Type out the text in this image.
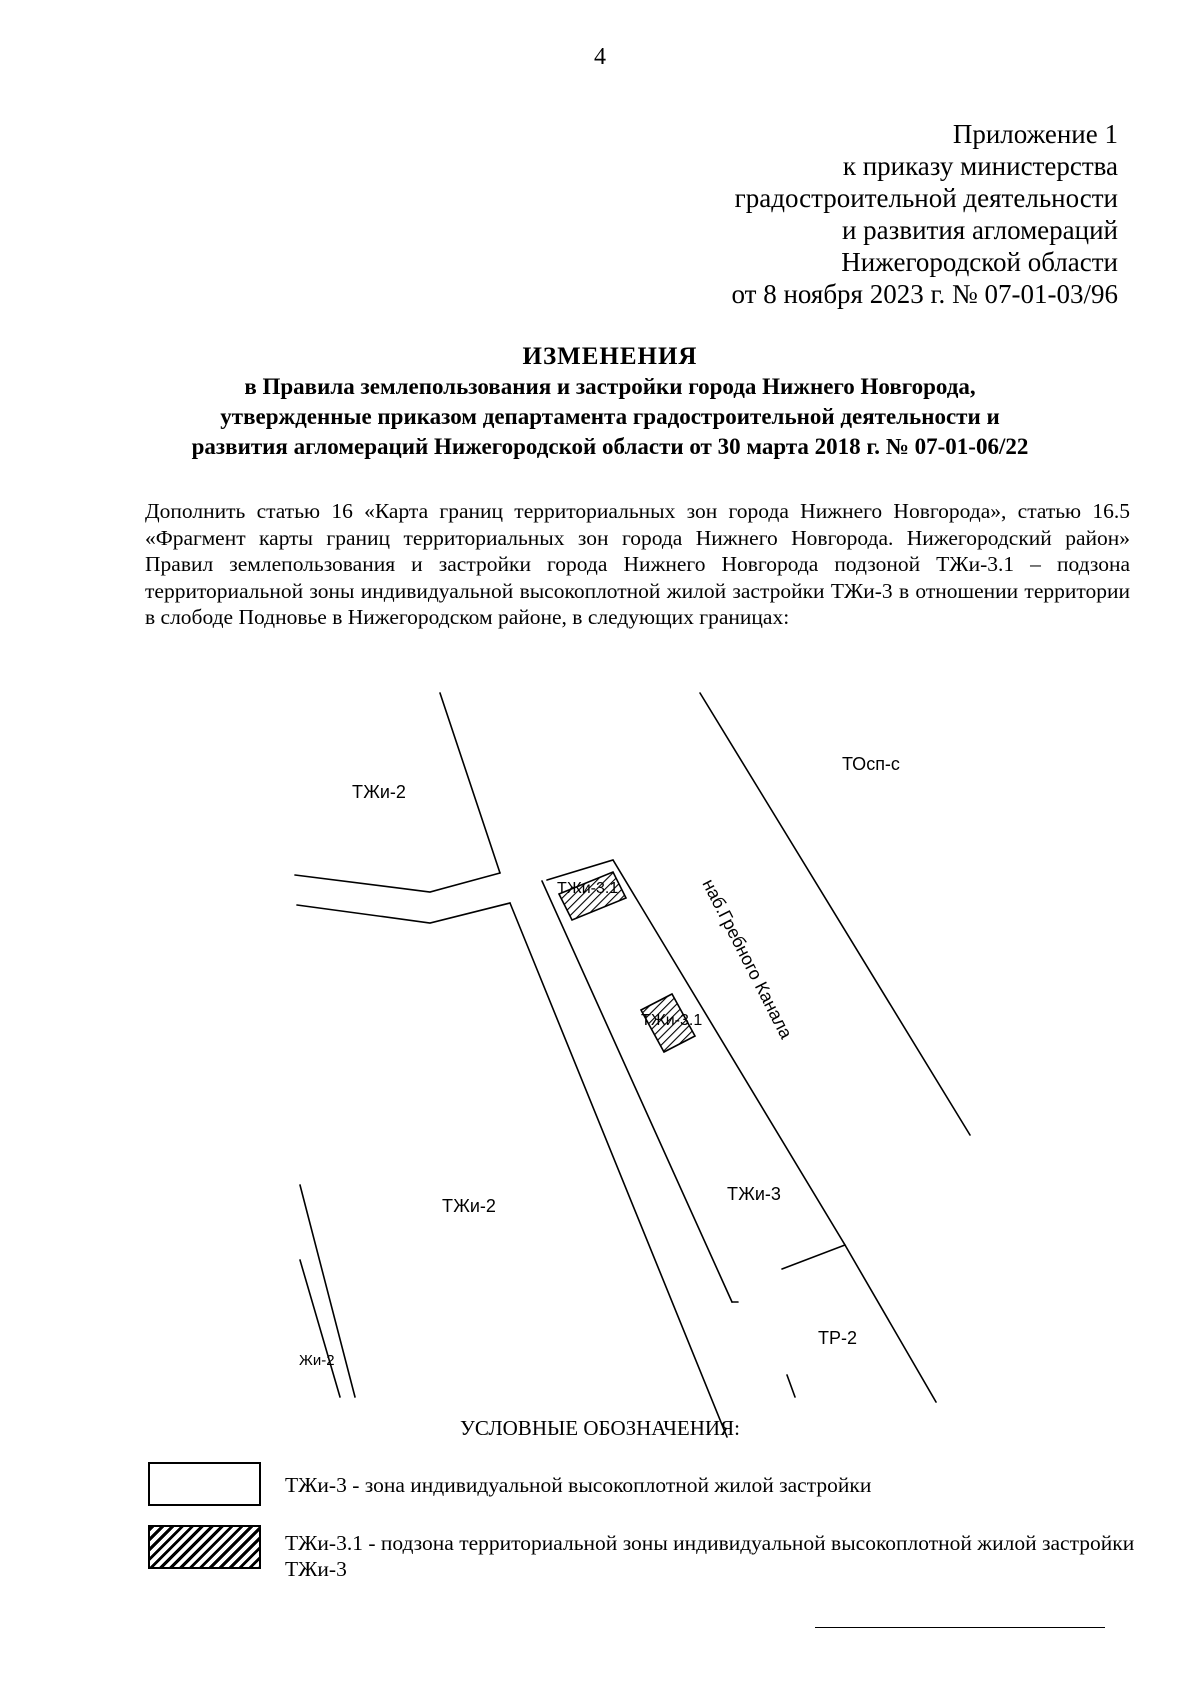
4
Приложение 1
к приказу министерства
градостроительной деятельности
и развития агломераций
Нижегородской области
от 8 ноября 2023 г. № 07-01-03/96
ИЗМЕНЕНИЯ
в Правила землепользования и застройки города Нижнего Новгорода,
утвержденные приказом департамента градостроительной деятельности и
развития агломераций Нижегородской области от 30 марта 2018 г. № 07-01-06/22
Дополнить статью 16 «Карта границ территориальных зон города Нижнего Новгорода», статью 16.5 «Фрагмент карты границ территориальных зон города Нижнего Новгорода. Нижегородский район» Правил землепользования и застройки города Нижнего Новгорода подзоной ТЖи-3.1 – подзона территориальной зоны индивидуальной высокоплотной жилой застройки ТЖи-3 в отношении территории в слободе Подновье в Нижегородском районе, в следующих границах:
ТЖи-2
ТОсп-с
ТЖи-3.1
ТЖи-3.1
наб.Гребного Канала
ТЖи-2
ТЖи-3
ТР-2
Жи-2
УСЛОВНЫЕ ОБОЗНАЧЕНИЯ:
ТЖи-3 - зона индивидуальной высокоплотной жилой застройки
ТЖи-3.1 - подзона территориальной зоны индивидуальной высокоплотной жилой застройки ТЖи-3
